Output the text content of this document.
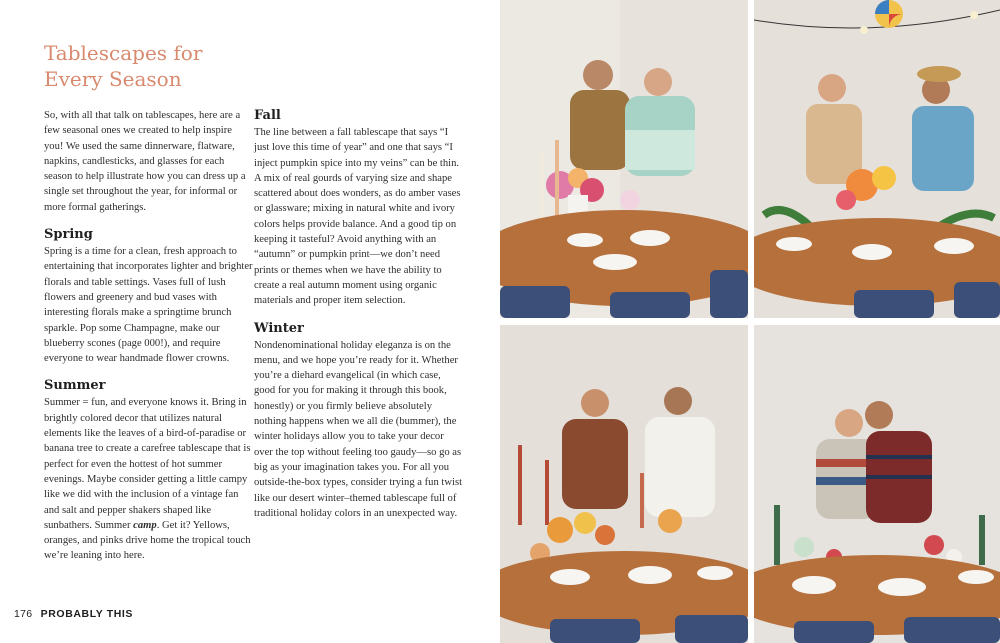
Tablescapes for
Every Season

So, with all that talk on tablescapes, here are a few seasonal ones we created to help inspire you! We used the same dinnerware, flatware, napkins, candlesticks, and glasses for each season to help illustrate how you can dress up a single set throughout the year, for informal or more formal gatherings.

Spring

Spring is a time for a clean, fresh approach to entertaining that incorporates lighter and brighter florals and table settings. Vases full of lush flowers and greenery and bud vases with interesting florals make a springtime brunch sparkle. Pop some Champagne, make our blueberry scones (page 000!), and require everyone to wear handmade flower crowns.

Summer

Summer = fun, and everyone knows it. Bring in brightly colored decor that utilizes natural elements like the leaves of a bird-of-paradise or banana tree to create a carefree tablescape that is perfect for even the hottest of hot summer evenings. Maybe consider getting a little campy like we did with the inclusion of a vintage fan and salt and pepper shakers shaped like sunbathers. Summer camp. Get it? Yellows, oranges, and pinks drive home the tropical touch we’re leaning into here.

Fall

The line between a fall tablescape that says “I just love this time of year” and one that says “I inject pumpkin spice into my veins” can be thin. A mix of real gourds of varying size and shape scattered about does wonders, as do amber vases or glassware; mixing in natural white and ivory colors helps provide balance. And a good tip on keeping it tasteful? Avoid anything with an “autumn” or pumpkin print—we don’t need prints or themes when we have the ability to create a real autumn moment using organic materials and proper item selection.

Winter

Nondenominational holiday eleganza is on the menu, and we hope you’re ready for it. Whether you’re a diehard evangelical (in which case, good for you for making it through this book, honestly) or you firmly believe absolutely nothing happens when we all die (bummer), the winter holidays allow you to take your decor over the top without feeling too gaudy—so go as big as your imagination takes you. For all you outside-the-box types, consider trying a fun twist like our desert winter–themed tablescape full of traditional holiday colors in an unexpected way.

176 PROBABLY THIS
